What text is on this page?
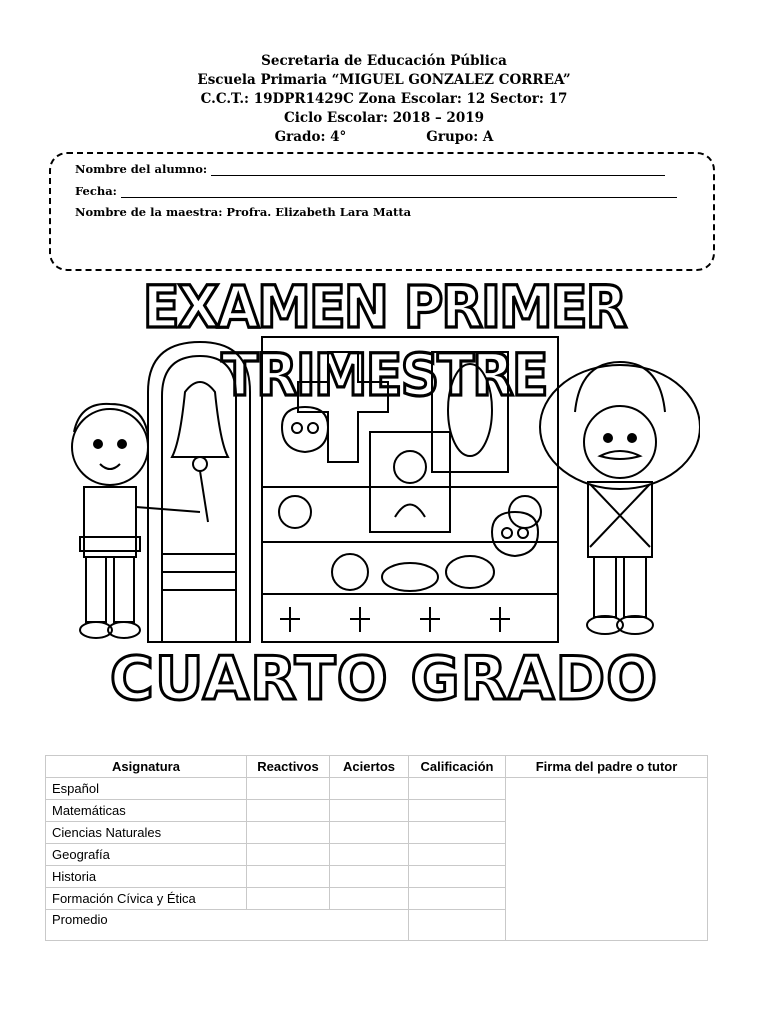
Secretaria de Educación Pública
Escuela Primaria “MIGUEL GONZALEZ CORREA”
C.C.T.: 19DPR1429C Zona Escolar: 12 Sector: 17
Ciclo Escolar: 2018 – 2019
Grado: 4°	Grupo: A
Nombre del alumno:
Fecha:
Nombre de la maestra: Profra. Elizabeth Lara Matta
EXAMEN PRIMER TRIMESTRE
CUARTO GRADO
Asignatura	Reactivos	Aciertos	Calificación	Firma del padre o tutor
Español				
Matemáticas				
Ciencias Naturales				
Geografía				
Historia				
Formación Cívica y Ética				
Promedio				
